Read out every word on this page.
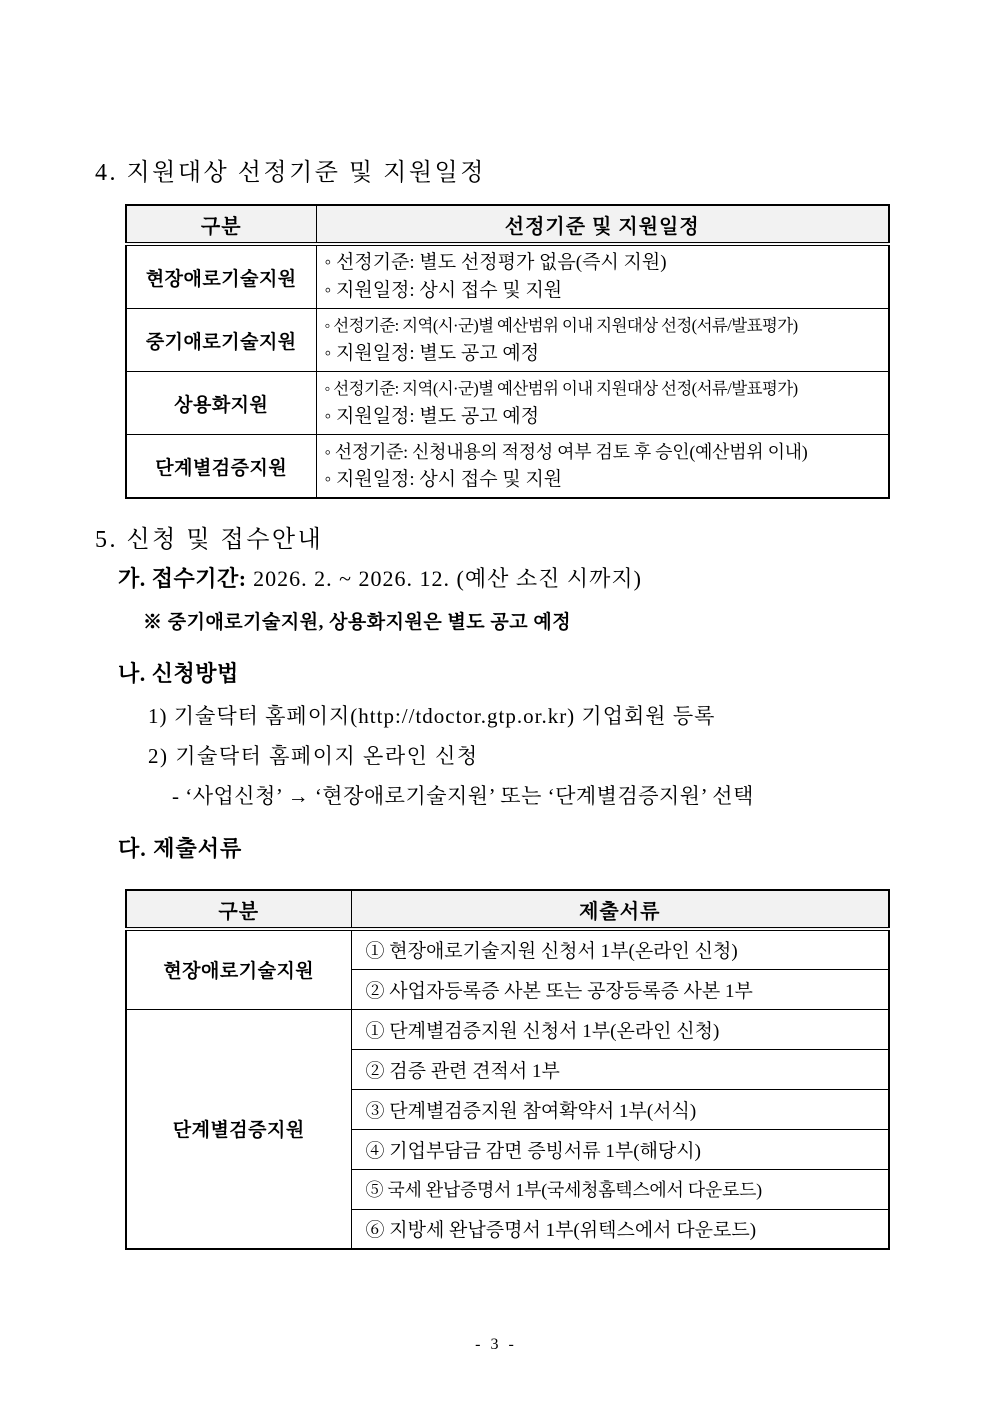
4. 지원대상 선정기준 및 지원일정
구분	선정기준 및 지원일정
현장애로기술지원	◦ 선정기준: 별도 선정평가 없음(즉시 지원)
◦ 지원일정: 상시 접수 및 지원

중기애로기술지원	◦ 선정기준: 지역(시·군)별 예산범위 이내 지원대상 선정(서류/발표평가)
◦ 지원일정: 별도 공고 예정

상용화지원	◦ 선정기준: 지역(시·군)별 예산범위 이내 지원대상 선정(서류/발표평가)
◦ 지원일정: 별도 공고 예정

단계별검증지원	◦ 선정기준: 신청내용의 적정성 여부 검토 후 승인(예산범위 이내)
◦ 지원일정: 상시 접수 및 지원
5. 신청 및 접수안내
가. 접수기간: 2026. 2. ~ 2026. 12. (예산 소진 시까지)
※ 중기애로기술지원, 상용화지원은 별도 공고 예정
나. 신청방법
1) 기술닥터 홈페이지(http://tdoctor.gtp.or.kr) 기업회원 등록
2) 기술닥터 홈페이지 온라인 신청
- ‘사업신청’ → ‘현장애로기술지원’ 또는 ‘단계별검증지원’ 선택
다. 제출서류
구분	제출서류
현장애로기술지원	① 현장애로기술지원 신청서 1부(온라인 신청)
	② 사업자등록증 사본 또는 공장등록증 사본 1부
단계별검증지원	① 단계별검증지원 신청서 1부(온라인 신청)
	② 검증 관련 견적서 1부
	③ 단계별검증지원 참여확약서 1부(서식)
	④ 기업부담금 감면 증빙서류 1부(해당시)
	⑤ 국세 완납증명서 1부(국세청홈텍스에서 다운로드)
	⑥ 지방세 완납증명서 1부(위텍스에서 다운로드)
- 3 -
